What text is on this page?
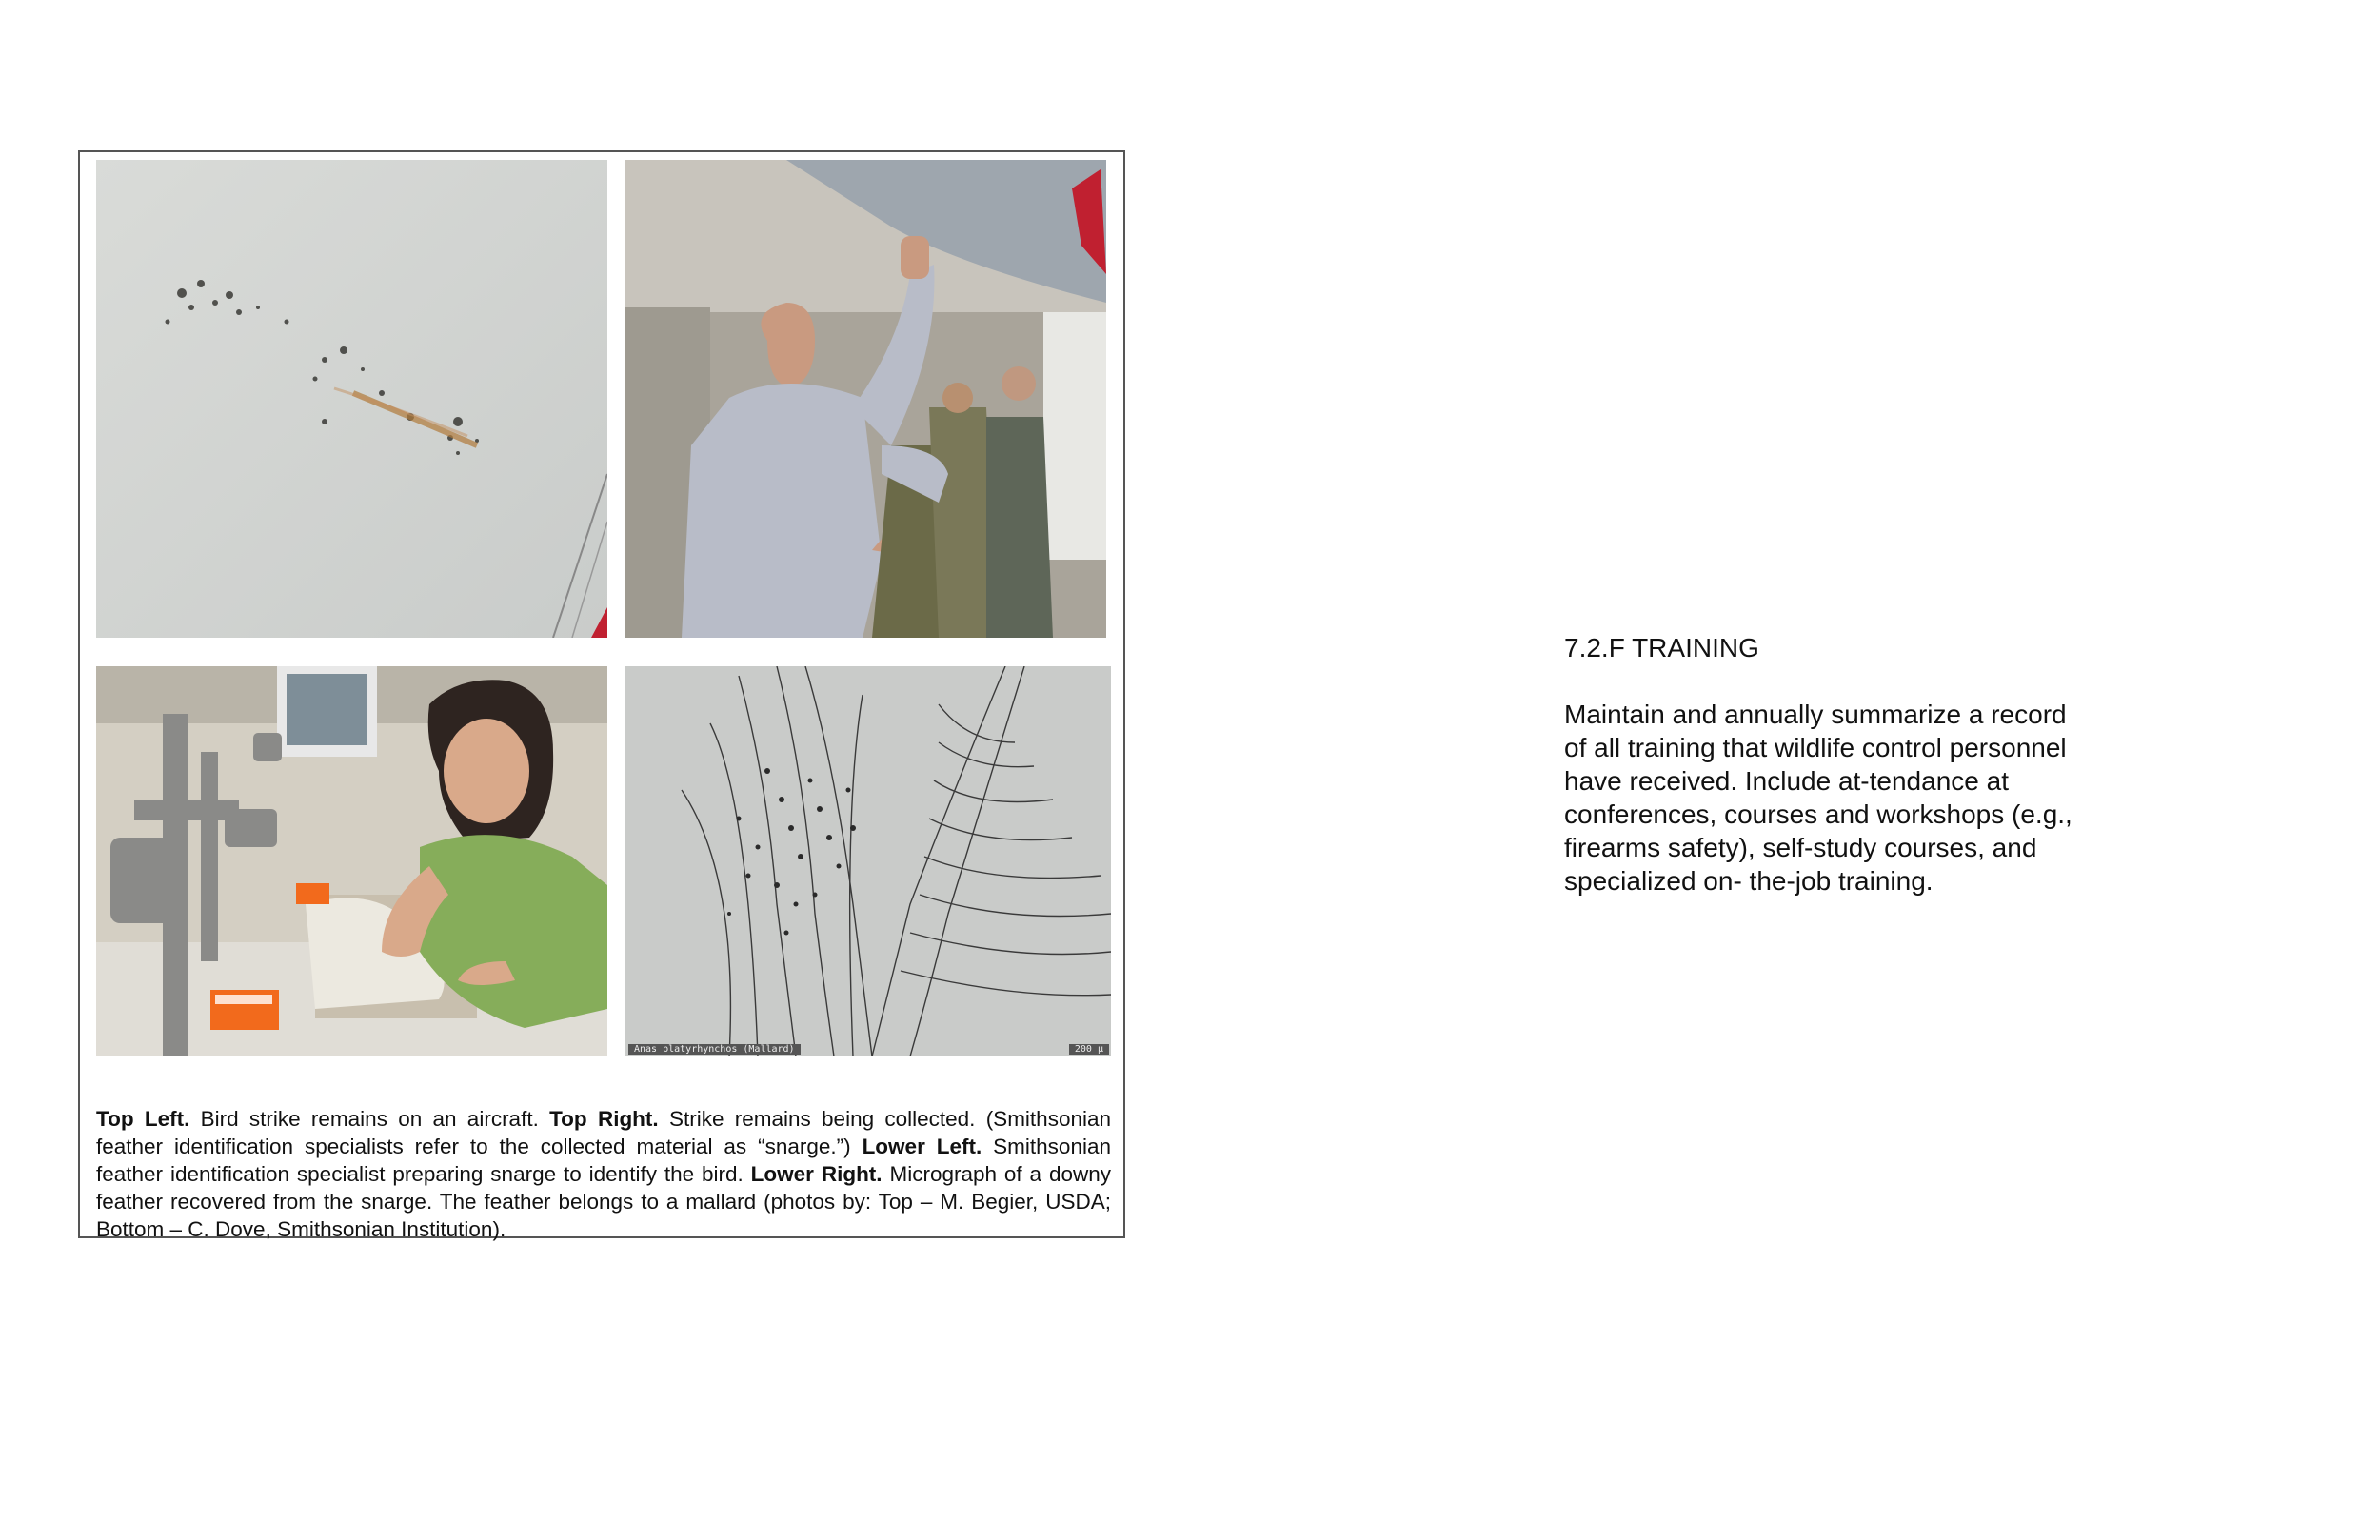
Anas platyrhynchos (Mallard)	200 µ

Top Left. Bird strike remains on an aircraft. Top Right. Strike remains being collected. (Smithsonian feather identification specialists refer to the collected material as “snarge.”) Lower Left. Smithsonian feather identification specialist preparing snarge to identify the bird. Lower Right. Micrograph of a downy feather recovered from the snarge. The feather belongs to a mallard (photos by: Top – M. Begier, USDA; Bottom – C. Dove, Smithsonian Institution).

7.2.F TRAINING

Maintain and annually summarize a record of all training that wildlife control personnel have received. Include at-tendance at conferences, courses and workshops (e.g., firearms safety), self-study courses, and specialized on- the-job training.
